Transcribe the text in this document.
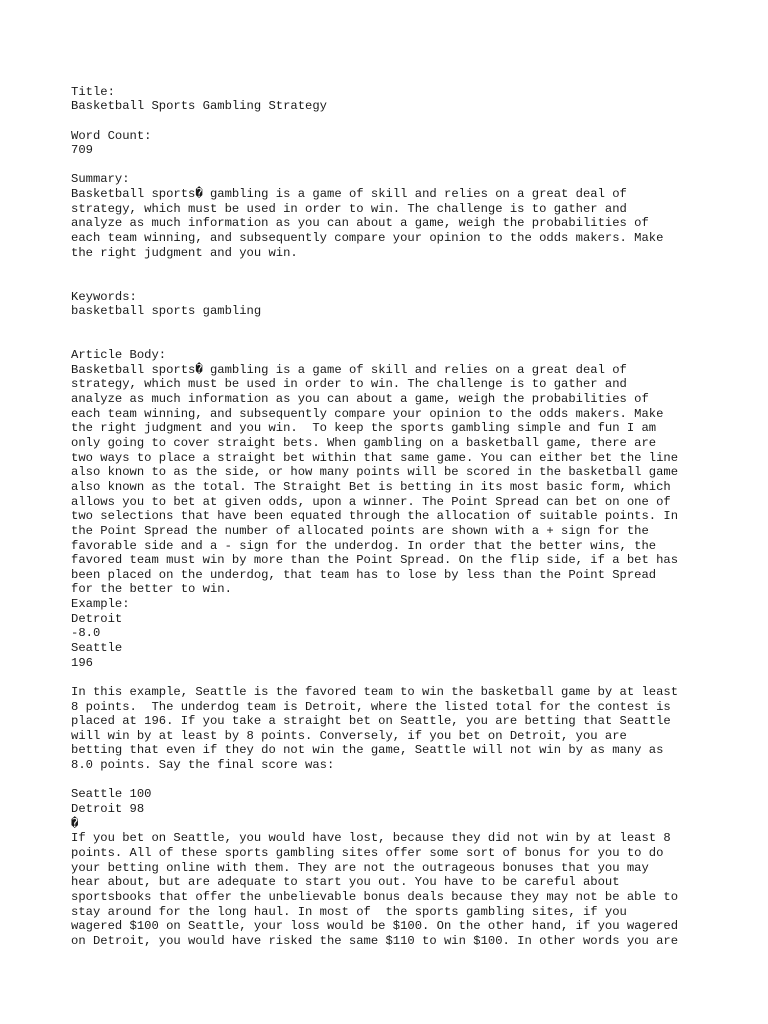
Title:
Basketball Sports Gambling Strategy
Word Count:
709
Summary:
Basketball sports� gambling is a game of skill and relies on a great deal of
strategy, which must be used in order to win. The challenge is to gather and
analyze as much information as you can about a game, weigh the probabilities of
each team winning, and subsequently compare your opinion to the odds makers. Make
the right judgment and you win.
Keywords:
basketball sports gambling
Article Body:
Basketball sports� gambling is a game of skill and relies on a great deal of
strategy, which must be used in order to win. The challenge is to gather and
analyze as much information as you can about a game, weigh the probabilities of
each team winning, and subsequently compare your opinion to the odds makers. Make
the right judgment and you win.  To keep the sports gambling simple and fun I am
only going to cover straight bets. When gambling on a basketball game, there are
two ways to place a straight bet within that same game. You can either bet the line
also known to as the side, or how many points will be scored in the basketball game
also known as the total. The Straight Bet is betting in its most basic form, which
allows you to bet at given odds, upon a winner. The Point Spread can bet on one of
two selections that have been equated through the allocation of suitable points. In
the Point Spread the number of allocated points are shown with a + sign for the
favorable side and a - sign for the underdog. In order that the better wins, the
favored team must win by more than the Point Spread. On the flip side, if a bet has
been placed on the underdog, that team has to lose by less than the Point Spread
for the better to win.
Example:
Detroit
-8.0
Seattle
196
In this example, Seattle is the favored team to win the basketball game by at least
8 points.  The underdog team is Detroit, where the listed total for the contest is
placed at 196. If you take a straight bet on Seattle, you are betting that Seattle
will win by at least by 8 points. Conversely, if you bet on Detroit, you are
betting that even if they do not win the game, Seattle will not win by as many as
8.0 points. Say the final score was:
Seattle 100
Detroit 98
�
If you bet on Seattle, you would have lost, because they did not win by at least 8
points. All of these sports gambling sites offer some sort of bonus for you to do
your betting online with them. They are not the outrageous bonuses that you may
hear about, but are adequate to start you out. You have to be careful about
sportsbooks that offer the unbelievable bonus deals because they may not be able to
stay around for the long haul. In most of  the sports gambling sites, if you
wagered $100 on Seattle, your loss would be $100. On the other hand, if you wagered
on Detroit, you would have risked the same $110 to win $100. In other words you are
